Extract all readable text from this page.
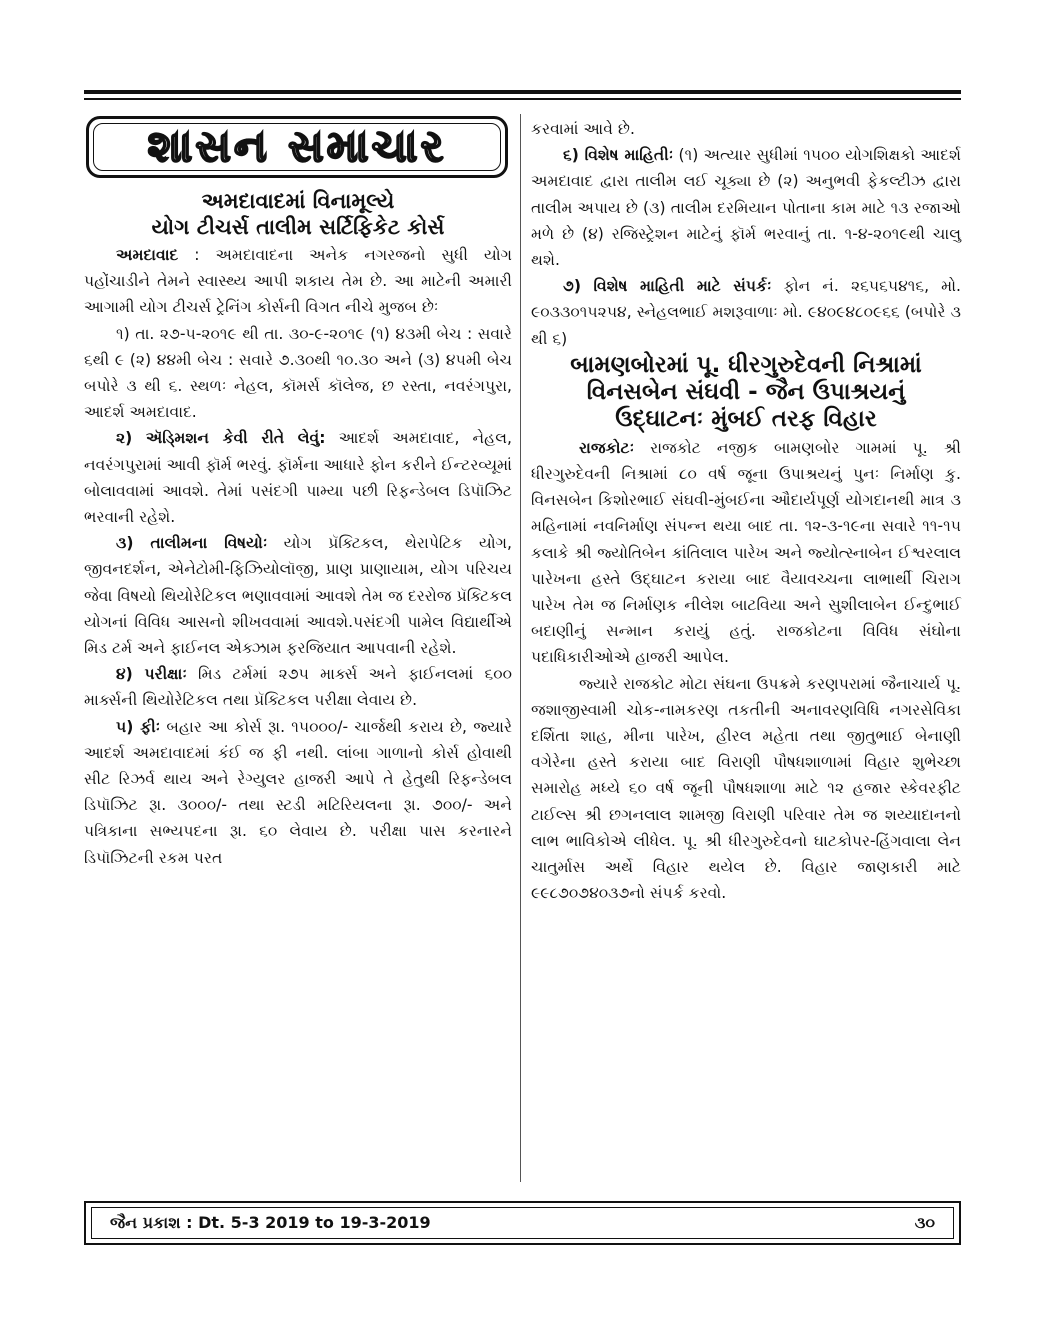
શાસન સમાચાર

અમદાવાદમાં વિનામૂલ્યે

યોગ ટીચર્સ તાલીમ સર્ટિફિકેટ કોર્સ

અમદાવાદ : અમદાવાદના અનેક નગરજનો સુધી યોગ પહોંચાડીને તેમને સ્વાસ્થ્ય આપી શકાય તેમ છે. આ માટેની અમારી આગામી યોગ ટીચર્સ ટ્રેનિંગ કોર્સની વિગત નીચે મુજબ છેઃ

૧) તા. ૨૭-૫-૨૦૧૯ થી તા. ૩૦-૯-૨૦૧૯ (૧) ૪૩મી બેચ : સવારે ૬થી ૯ (૨) ૪૪મી બેચ : સવારે ૭.૩૦થી ૧૦.૩૦ અને (૩) ૪૫મી બેચ બપોરે ૩ થી ૬. સ્થળઃ નેહલ, કૉમર્સ કૉલેજ, છ રસ્તા, નવરંગપુરા, આદર્શ અમદાવાદ.

૨) ઍડ્મિશન કેવી રીતે લેવું: આદર્શ અમદાવાદ, નેહલ, નવરંગપુરામાં આવી ફૉર્મ ભરવું. ફૉર્મના આધારે ફોન કરીને ઈન્ટરવ્યૂમાં બોલાવવામાં આવશે. તેમાં પસંદગી પામ્યા પછી રિફન્ડેબલ ડિપૉઝિટ ભરવાની રહેશે.

૩) તાલીમના વિષયોઃ યોગ પ્રૅક્ટિકલ, થેરાપેટિક યોગ, જીવનદર્શન, એનેટોમી-ફિઝિયોલૉજી, પ્રાણ પ્રાણાયામ, યોગ પરિચય જેવા વિષયો થિયોરેટિકલ ભણાવવામાં આવશે તેમ જ દરરોજ પ્રૅક્ટિકલ યોગનાં વિવિધ આસનો શીખવવામાં આવશે.પસંદગી પામેલ વિદ્યાર્થીએ મિડ ટર્મ અને ફાઈનલ એક્ઝામ ફરજિયાત આપવાની રહેશે.

૪) પરીક્ષાઃ મિડ ટર્મમાં ૨૭૫ માર્ક્સ અને ફાઈનલમાં ૬૦૦ માર્ક્સની થિયોરેટિકલ તથા પ્રૅક્ટિકલ પરીક્ષા લેવાય છે.

૫) ફીઃ બહાર આ કોર્સ રૂા. ૧૫૦૦૦/- ચાર્જથી કરાય છે, જ્યારે આદર્શ અમદાવાદમાં કંઈ જ ફી નથી. લાંબા ગાળાનો કોર્સ હોવાથી સીટ રિઝર્વ થાય અને રેગ્યુલર હાજરી આપે તે હેતુથી રિફન્ડેબલ ડિપૉઝિટ રૂા. ૩૦૦૦/- તથા સ્ટડી મટિરિયલના રૂા. ૭૦૦/- અને પત્રિકાના સભ્યપદના રૂા. ૬૦ લેવાય છે. પરીક્ષા પાસ કરનારને ડિપૉઝિટની રકમ પરત

કરવામાં આવે છે.

૬) વિશેષ માહિતીઃ (૧) અત્યાર સુધીમાં ૧૫૦૦ યોગશિક્ષકો આદર્શ અમદાવાદ દ્વારા તાલીમ લઈ ચૂક્યા છે (૨) અનુભવી ફેકલ્ટીઝ દ્વારા તાલીમ અપાય છે (૩) તાલીમ દરમિયાન પોતાના કામ માટે ૧૩ રજાઓ મળે છે (૪) રજિસ્ટ્રેશન માટેનું ફૉર્મ ભરવાનું તા. ૧-૪-૨૦૧૯થી ચાલુ થશે.

૭) વિશેષ માહિતી માટે સંપર્કઃ ફોન નં. ૨૬૫૬૫૪૧૬, મો. ૯૦૩૩૦૧૫૨૫૪, સ્નેહલભાઈ મશરૂવાળાઃ મો. ૯૪૦૯૪૮૦૯૬૬ (બપોરે ૩ થી ૬)

બામણબોરમાં પૂ. ધીરગુરુદેવની નિશ્રામાં

વિનસબેન સંઘવી - જૈન ઉપાશ્રયનું

ઉદ્ઘાટનઃ મુંબઈ તરફ વિહાર

રાજકોટઃ રાજકોટ નજીક બામણબોર ગામમાં પૂ. શ્રી ધીરગુરુદેવની નિશ્રામાં ૮૦ વર્ષ જૂના ઉપાશ્રયનું પુનઃ નિર્માણ કુ. વિનસબેન કિશોરભાઈ સંઘવી-મુંબઈના ઔદાર્યપૂર્ણ યોગદાનથી માત્ર ૩ મહિનામાં નવનિર્માણ સંપન્ન થયા બાદ તા. ૧૨-૩-૧૯ના સવારે ૧૧-૧૫ કલાકે શ્રી જ્યોતિબેન કાંતિલાલ પારેખ અને જ્યોત્સ્નાબેન ઈશ્વરલાલ પારેખના હસ્તે ઉદ્ઘાટન કરાયા બાદ વૈયાવચ્ચના લાભાર્થી ચિરાગ પારેખ તેમ જ નિર્માણક નીલેશ બાટવિયા અને સુશીલાબેન ઈન્દુભાઈ બદાણીનું સન્માન કરાયું હતું. રાજકોટના વિવિધ સંઘોના પદાધિકારીઓએ હાજરી આપેલ.

જ્યારે રાજકોટ મોટા સંઘના ઉપક્રમે કરણપરામાં જૈનાચાર્ય પૂ. જશાજીસ્વામી ચોક-નામકરણ તકતીની અનાવરણવિધિ નગરસેવિકા દર્શિતા શાહ, મીના પારેખ, હીરલ મહેતા તથા જીતુભાઈ બેનાણી વગેરેના હસ્તે કરાયા બાદ વિરાણી પૌષધશાળામાં વિહાર શુભેચ્છા સમારોહ મધ્યે ૬૦ વર્ષ જૂની પૌષધશાળા માટે ૧૨ હજાર સ્કેવરફીટ ટાઈલ્સ શ્રી છગનલાલ શામજી વિરાણી પરિવાર તેમ જ શય્યાદાનનો લાભ ભાવિકોએ લીધેલ. પૂ. શ્રી ધીરગુરુદેવનો ઘાટકોપર-હિંગવાલા લેન ચાતુર્માસ અર્થે વિહાર થયેલ છે. વિહાર જાણકારી માટે ૯૯૮૭૦૭૪૦૩૭નો સંપર્ક કરવો.

જૈન પ્રકાશ : Dt. 5-3 2019 to 19-3-2019	૩૦
